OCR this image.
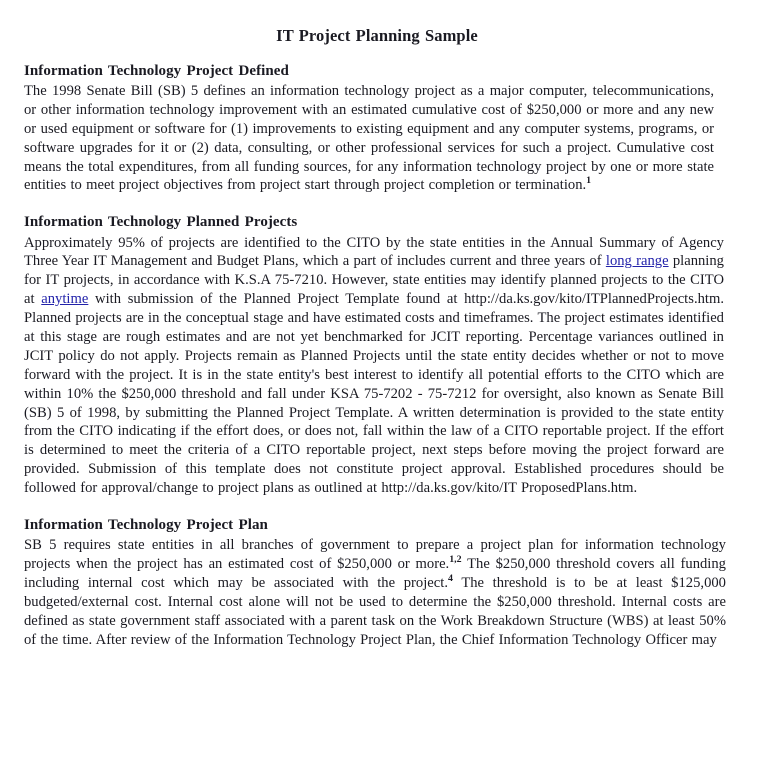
IT Project Planning Sample
Information Technology Project Defined

The 1998 Senate Bill (SB) 5 defines an information technology project as a major computer, telecommunications, or other information technology improvement with an estimated cumulative cost of $250,000 or more and any new or used equipment or software for (1) improvements to existing equipment and any computer systems, programs, or software upgrades for it or (2) data, consulting, or other professional services for such a project. Cumulative cost means the total expenditures, from all funding sources, for any information technology project by one or more state entities to meet project objectives from project start through project completion or termination.$^1$

Information Technology Planned Projects

Approximately 95% of projects are identified to the CITO by the state entities in the Annual Summary of Agency Three Year IT Management and Budget Plans, which a part of includes current and three years of long range planning for IT projects, in accordance with K.S.A 75-7210. However, state entities may identify planned projects to the CITO at anytime with submission of the Planned Project Template found at http://da.ks.gov/kito/ITPlannedProjects.htm. Planned projects are in the conceptual stage and have estimated costs and timeframes. The project estimates identified at this stage are rough estimates and are not yet benchmarked for JCIT reporting. Percentage variances outlined in JCIT policy do not apply. Projects remain as Planned Projects until the state entity decides whether or not to move forward with the project. It is in the state entity's best interest to identify all potential efforts to the CITO which are within 10% the $250,000 threshold and fall under KSA 75-7202 - 75-7212 for oversight, also known as Senate Bill (SB) 5 of 1998, by submitting the Planned Project Template. A written determination is provided to the state entity from the CITO indicating if the effort does, or does not, fall within the law of a CITO reportable project. If the effort is determined to meet the criteria of a CITO reportable project, next steps before moving the project forward are provided. Submission of this template does not constitute project approval. Established procedures should be followed for approval/change to project plans as outlined at http://da.ks.gov/kito/IT ProposedPlans.htm.

Information Technology Project Plan

SB 5 requires state entities in all branches of government to prepare a project plan for information technology projects when the project has an estimated cost of $250,000 or more.$^{1,2}$ The $250,000 threshold covers all funding including internal cost which may be associated with the project.$^4$ The threshold is to be at least $125,000 budgeted/external cost. Internal cost alone will not be used to determine the $250,000 threshold. Internal costs are defined as state government staff associated with a parent task on the Work Breakdown Structure (WBS) at least 50% of the time. After review of the Information Technology Project Plan, the Chief Information Technology Officer may
